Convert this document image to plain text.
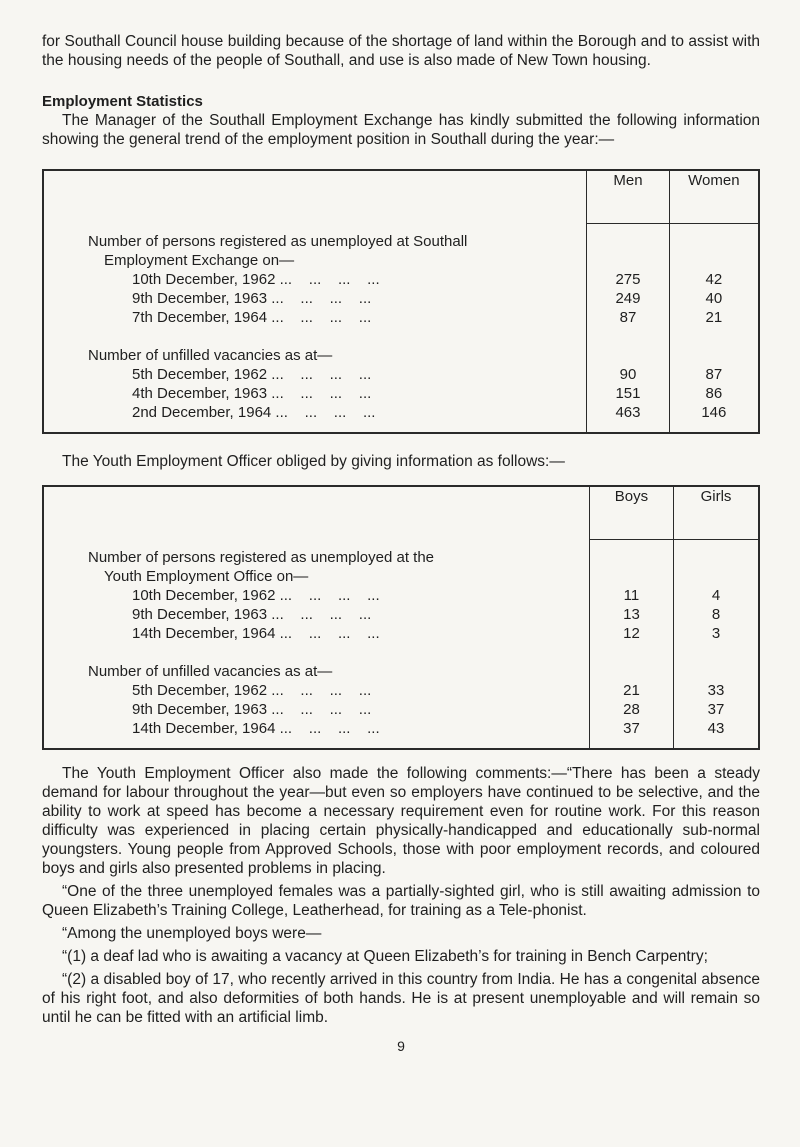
for Southall Council house building because of the shortage of land within the Borough and to assist with the housing needs of the people of Southall, and use is also made of New Town housing.

Employment Statistics

The Manager of the Southall Employment Exchange has kindly submitted the following information showing the general trend of the employment position in Southall during the year:—

	Men	Women

Number of persons registered as unemployed at Southall		
Employment Exchange on—		
10th December, 1962 ...    ...    ...    ...	275	42
9th December, 1963 ...    ...    ...    ...	249	40
7th December, 1964 ...    ...    ...    ...	87	21

Number of unfilled vacancies as at—		
5th December, 1962 ...    ...    ...    ...	90	87
4th December, 1963 ...    ...    ...    ...	151	86
2nd December, 1964 ...    ...    ...    ...	463	146

The Youth Employment Officer obliged by giving information as follows:—

	Boys	Girls

Number of persons registered as unemployed at the		
Youth Employment Office on—		
10th December, 1962 ...    ...    ...    ...	11	4
9th December, 1963 ...    ...    ...    ...	13	8
14th December, 1964 ...    ...    ...    ...	12	3

Number of unfilled vacancies as at—		
5th December, 1962 ...    ...    ...    ...	21	33
9th December, 1963 ...    ...    ...    ...	28	37
14th December, 1964 ...    ...    ...    ...	37	43

The Youth Employment Officer also made the following comments:—“There has been a steady demand for labour throughout the year—but even so employers have continued to be selective, and the ability to work at speed has become a necessary requirement even for routine work. For this reason difficulty was experienced in placing certain physically-handicapped and educationally sub-normal youngsters. Young people from Approved Schools, those with poor employment records, and coloured boys and girls also presented problems in placing.

“One of the three unemployed females was a partially-sighted girl, who is still awaiting admission to Queen Elizabeth’s Training College, Leatherhead, for training as a Tele-phonist.

“Among the unemployed boys were—

“(1) a deaf lad who is awaiting a vacancy at Queen Elizabeth’s for training in Bench Carpentry;

“(2) a disabled boy of 17, who recently arrived in this country from India. He has a congenital absence of his right foot, and also deformities of both hands. He is at present unemployable and will remain so until he can be fitted with an artificial limb.

9
